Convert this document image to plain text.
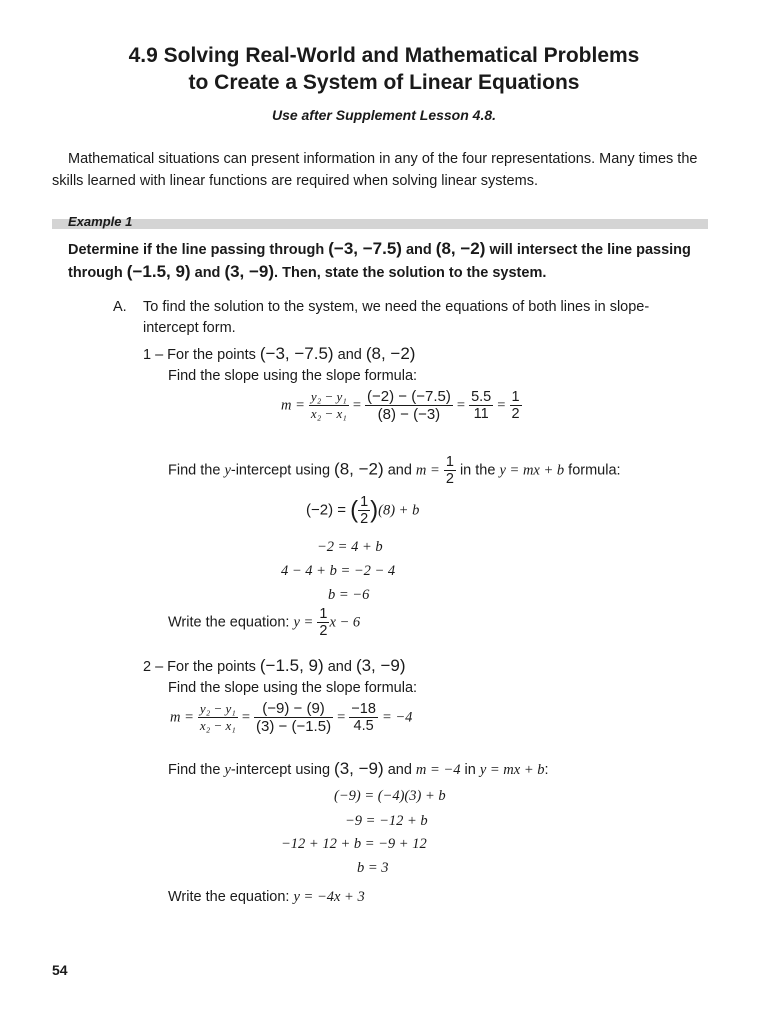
4.9 Solving Real-World and Mathematical Problems
to Create a System of Linear Equations
Use after Supplement Lesson 4.8.
Mathematical situations can present information in any of the four representations. Many times the skills learned with linear functions are required when solving linear systems.
Example 1
Determine if the line passing through (−3, −7.5) and (8, −2) will intersect the line passing through (−1.5, 9) and (3, −9). Then, state the solution to the system.
A. To find the solution to the system, we need the equations of both lines in slope-
intercept form.
1 – For the points (−3, −7.5) and (8, −2)
Find the slope using the slope formula:
$m = \frac{\text{y₂ − y₁}}{\text{x₂ − x₁}} = \frac{(-2) - (-7.5)}{(8) - (-3)} = \frac{5.5}{11} = \frac{1}{2}$
Find the y-intercept using (8, −2) and $m = \frac{1}{2}$ in the y = mx + b formula:
(−2) = ( $\frac{1}{2} )(8) + b$
−2 = 4 + b
4 − 4 + b = −2 − 4
b = −6
Write the equation: $y = \frac{1}{2}$ x − 6
2 – For the points (−1.5, 9) and (3, −9)
Find the slope using the slope formula:
$m = \frac{\text{y₂ − y₁}}{\text{x₂ − x₁}} = \frac{(-9) - (9)}{(3) - (-1.5)} = \frac{-18}{4.5} = -4$
Find the y-intercept using (3, −9) and m = −4 in y = mx + b:
(−9) = (−4)(3) + b
−9 = −12 + b
−12 + 12 + b = −9 + 12
b = 3
Write the equation: y = −4x + 3
54
